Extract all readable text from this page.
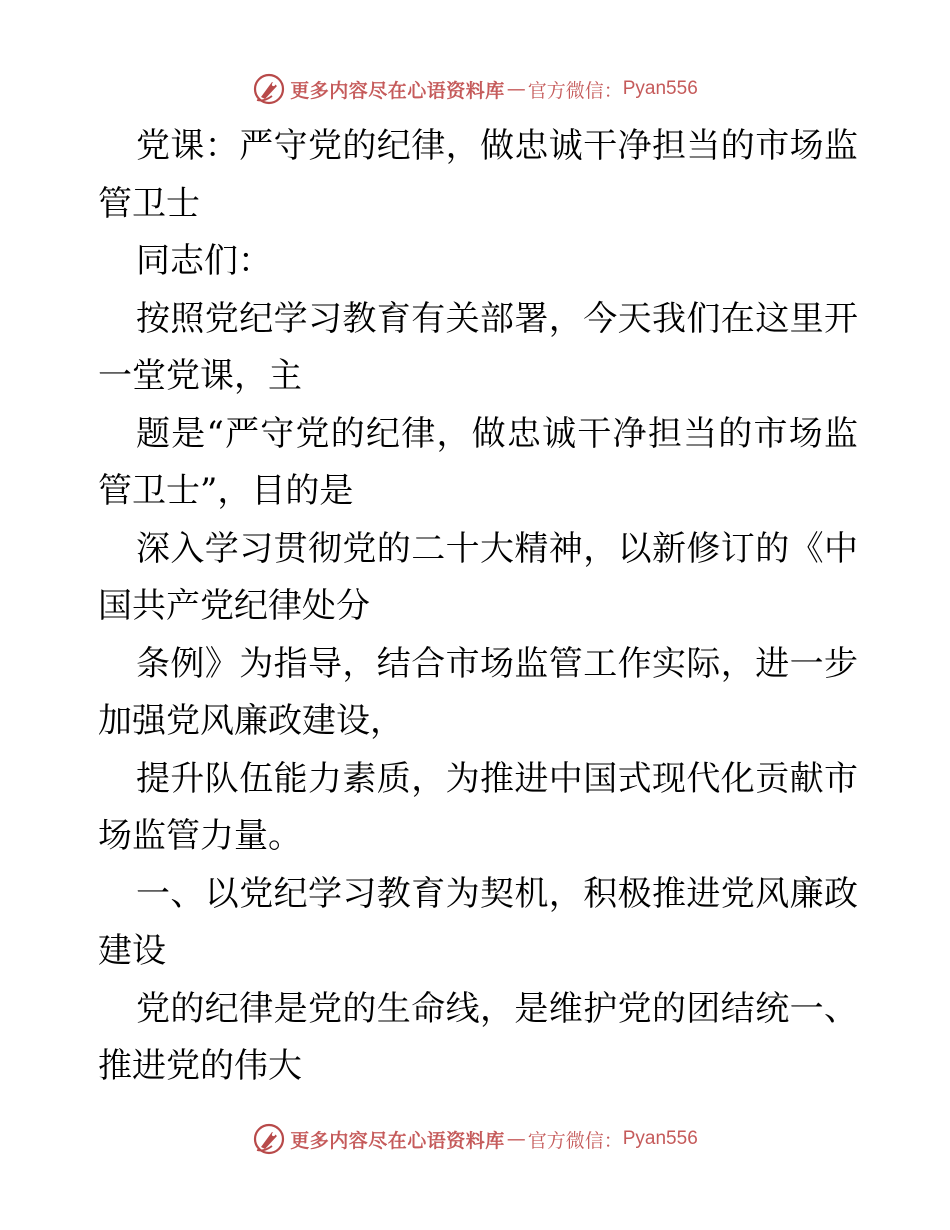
更多内容尽在心语资料库 — 官方微信： Pyan556
党课：严守党的纪律，做忠诚干净担当的市场监
管卫士
同志们：
按照党纪学习教育有关部署，今天我们在这里开
一堂党课，主
题是“严守党的纪律，做忠诚干净担当的市场监
管卫士”，目的是
深入学习贯彻党的二十大精神，以新修订的《中
国共产党纪律处分
条例》为指导，结合市场监管工作实际，进一步
加强党风廉政建设，
提升队伍能力素质，为推进中国式现代化贡献市
场监管力量。
一、以党纪学习教育为契机，积极推进党风廉政
建设
党的纪律是党的生命线，是维护党的团结统一、
推进党的伟大
更多内容尽在心语资料库 — 官方微信： Pyan556
